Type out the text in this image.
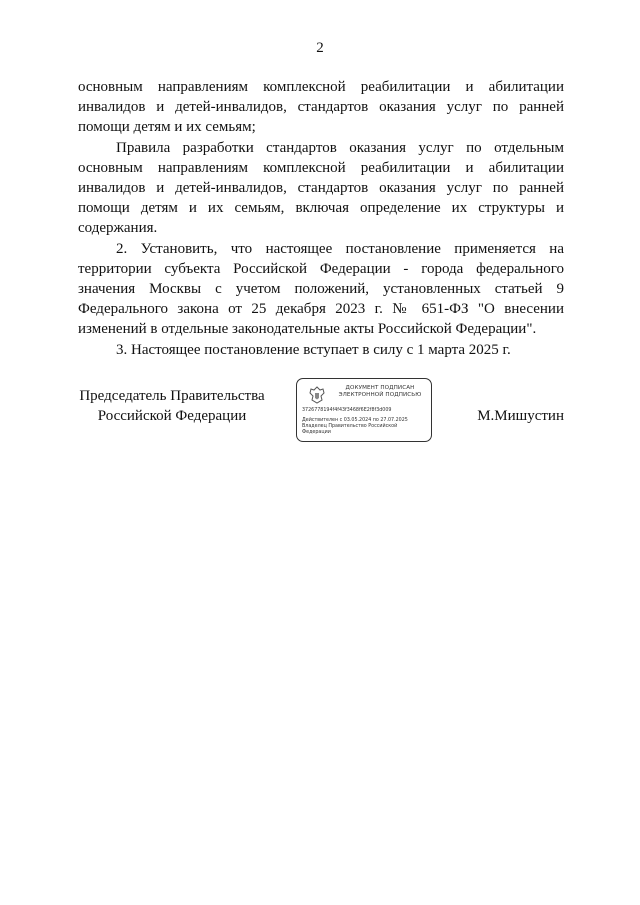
2

основным направлениям комплексной реабилитации и абилитации инвалидов и детей-инвалидов, стандартов оказания услуг по ранней помощи детям и их семьям;

Правила разработки стандартов оказания услуг по отдельным основным направлениям комплексной реабилитации и абилитации инвалидов и детей-инвалидов, стандартов оказания услуг по ранней помощи детям и их семьям, включая определение их структуры и содержания.

2. Установить, что настоящее постановление применяется на территории субъекта Российской Федерации - города федерального значения Москвы с учетом положений, установленных статьей 9 Федерального закона от 25 декабря 2023 г. № 651-ФЗ "О внесении изменений в отдельные законодательные акты Российской Федерации".

3. Настоящее постановление вступает в силу с 1 марта 2025 г.

Председатель Правительства
Российской Федерации
ДОКУМЕНТ ПОДПИСАН
ЭЛЕКТРОННОЙ ПОДПИСЬЮ
3726778194f4f43f3468f6E2f8f3d009
Действителен с 03.05.2024 по 27.07.2025
Владелец Правительство Российской Федерации
М.Мишустин
